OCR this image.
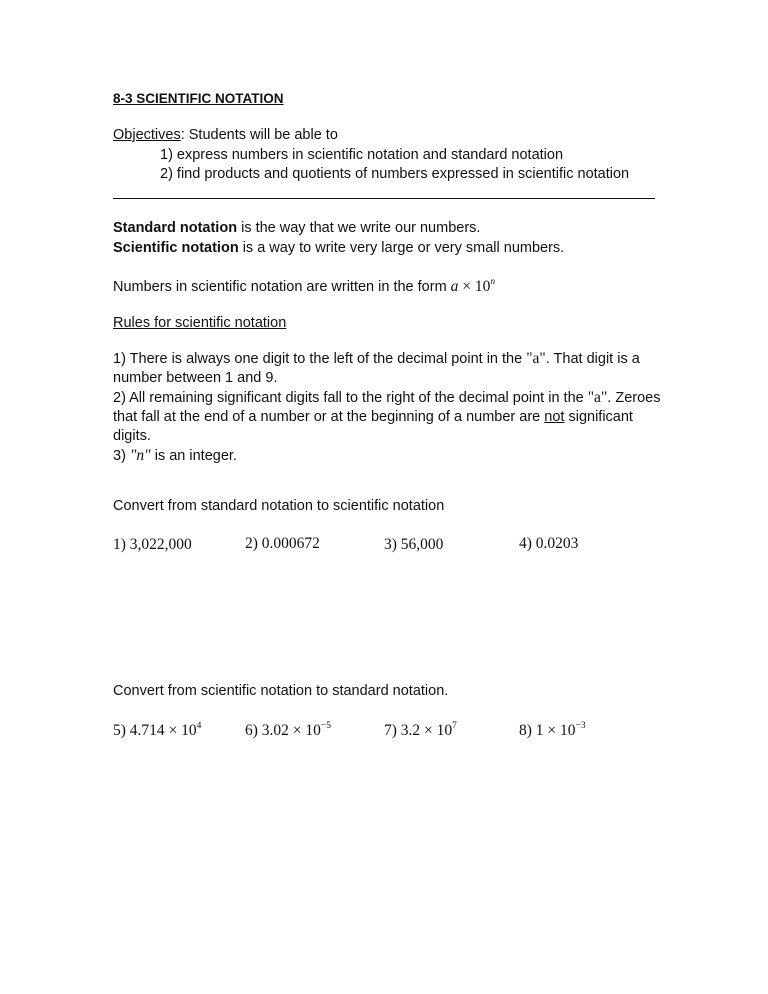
8-3 SCIENTIFIC NOTATION
Objectives: Students will be able to
1) express numbers in scientific notation and standard notation
2) find products and quotients of numbers expressed in scientific notation
Standard notation is the way that we write our numbers.
Scientific notation is a way to write very large or very small numbers.
Numbers in scientific notation are written in the form $a \times 10^n$
Rules for scientific notation
1) There is always one digit to the left of the decimal point in the "a". That digit is a
number between 1 and 9.
2) All remaining significant digits fall to the right of the decimal point in the "a". Zeroes
that fall at the end of a number or at the beginning of a number are not significant
digits.
3) "n" is an integer.
Convert from standard notation to scientific notation
1) 3,022,000	2) 0.000672	3) 56,000	4) 0.0203
Convert from scientific notation to standard notation.
5) $4.714 \times 10^4$	6) $3.02 \times 10^{-5}$	7) $3.2 \times 10^7$	8) $1 \times 10^{-3}$
